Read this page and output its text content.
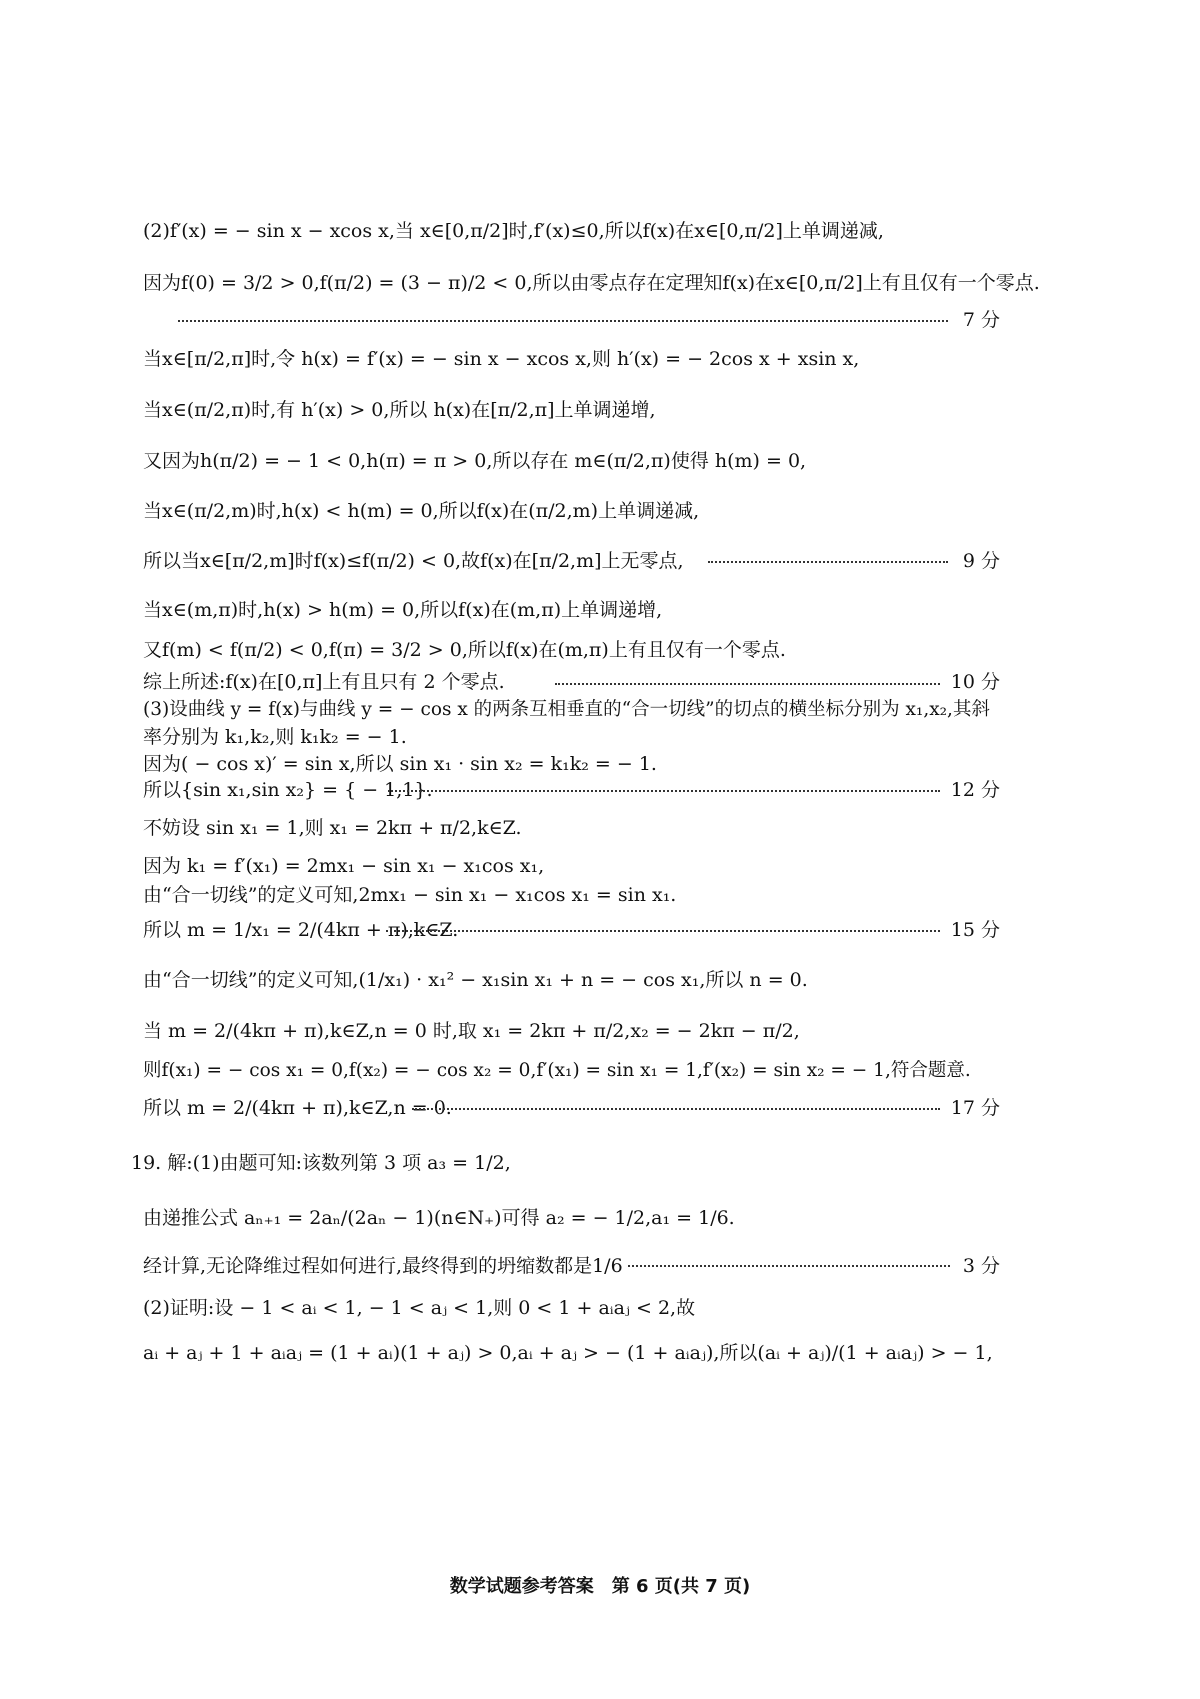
(2)f′(x) = − sin x − xcos x,当 x∈[0,π/2]时,f′(x)≤0,所以f(x)在x∈[0,π/2]上单调递减,
因为f(0) = 3/2 > 0,f(π/2) = (3 − π)/2 < 0,所以由零点存在定理知f(x)在x∈[0,π/2]上有且仅有一个零点.
7 分
当x∈[π/2,π]时,令 h(x) = f′(x) = − sin x − xcos x,则 h′(x) = − 2cos x + xsin x,
当x∈(π/2,π)时,有 h′(x) > 0,所以 h(x)在[π/2,π]上单调递增,
又因为h(π/2) = − 1 < 0,h(π) = π > 0,所以存在 m∈(π/2,π)使得 h(m) = 0,
当x∈(π/2,m)时,h(x) < h(m) = 0,所以f(x)在(π/2,m)上单调递减,
所以当x∈[π/2,m]时f(x)≤f(π/2) < 0,故f(x)在[π/2,m]上无零点,	9 分
当x∈(m,π)时,h(x) > h(m) = 0,所以f(x)在(m,π)上单调递增,
又f(m) < f(π/2) < 0,f(π) = 3/2 > 0,所以f(x)在(m,π)上有且仅有一个零点.
综上所述:f(x)在[0,π]上有且只有 2 个零点.	10 分
(3)设曲线 y = f(x)与曲线 y = − cos x 的两条互相垂直的“合一切线”的切点的横坐标分别为 x₁,x₂,其斜
率分别为 k₁,k₂,则 k₁k₂ = − 1.
因为( − cos x)′ = sin x,所以 sin x₁ · sin x₂ = k₁k₂ = − 1.
所以{sin x₁,sin x₂} = { − 1,1}.	12 分
不妨设 sin x₁ = 1,则 x₁ = 2kπ + π/2,k∈Z.
因为 k₁ = f′(x₁) = 2mx₁ − sin x₁ − x₁cos x₁,
由“合一切线”的定义可知,2mx₁ − sin x₁ − x₁cos x₁ = sin x₁.
所以 m = 1/x₁ = 2/(4kπ + π),k∈Z.	15 分
由“合一切线”的定义可知,(1/x₁) · x₁² − x₁sin x₁ + n = − cos x₁,所以 n = 0.
当 m = 2/(4kπ + π),k∈Z,n = 0 时,取 x₁ = 2kπ + π/2,x₂ = − 2kπ − π/2,
则f(x₁) = − cos x₁ = 0,f(x₂) = − cos x₂ = 0,f′(x₁) = sin x₁ = 1,f′(x₂) = sin x₂ = − 1,符合题意.
所以 m = 2/(4kπ + π),k∈Z,n = 0.	17 分
19. 解:(1)由题可知:该数列第 3 项 a₃ = 1/2,
由递推公式 aₙ₊₁ = 2aₙ/(2aₙ − 1)(n∈N₊)可得 a₂ = − 1/2,a₁ = 1/6.
经计算,无论降维过程如何进行,最终得到的坍缩数都是1/6	3 分
(2)证明:设 − 1 < aᵢ < 1, − 1 < aⱼ < 1,则 0 < 1 + aᵢaⱼ < 2,故
aᵢ + aⱼ + 1 + aᵢaⱼ = (1 + aᵢ)(1 + aⱼ) > 0,aᵢ + aⱼ > − (1 + aᵢaⱼ),所以(aᵢ + aⱼ)/(1 + aᵢaⱼ) > − 1,
数学试题参考答案　第 6 页(共 7 页)
